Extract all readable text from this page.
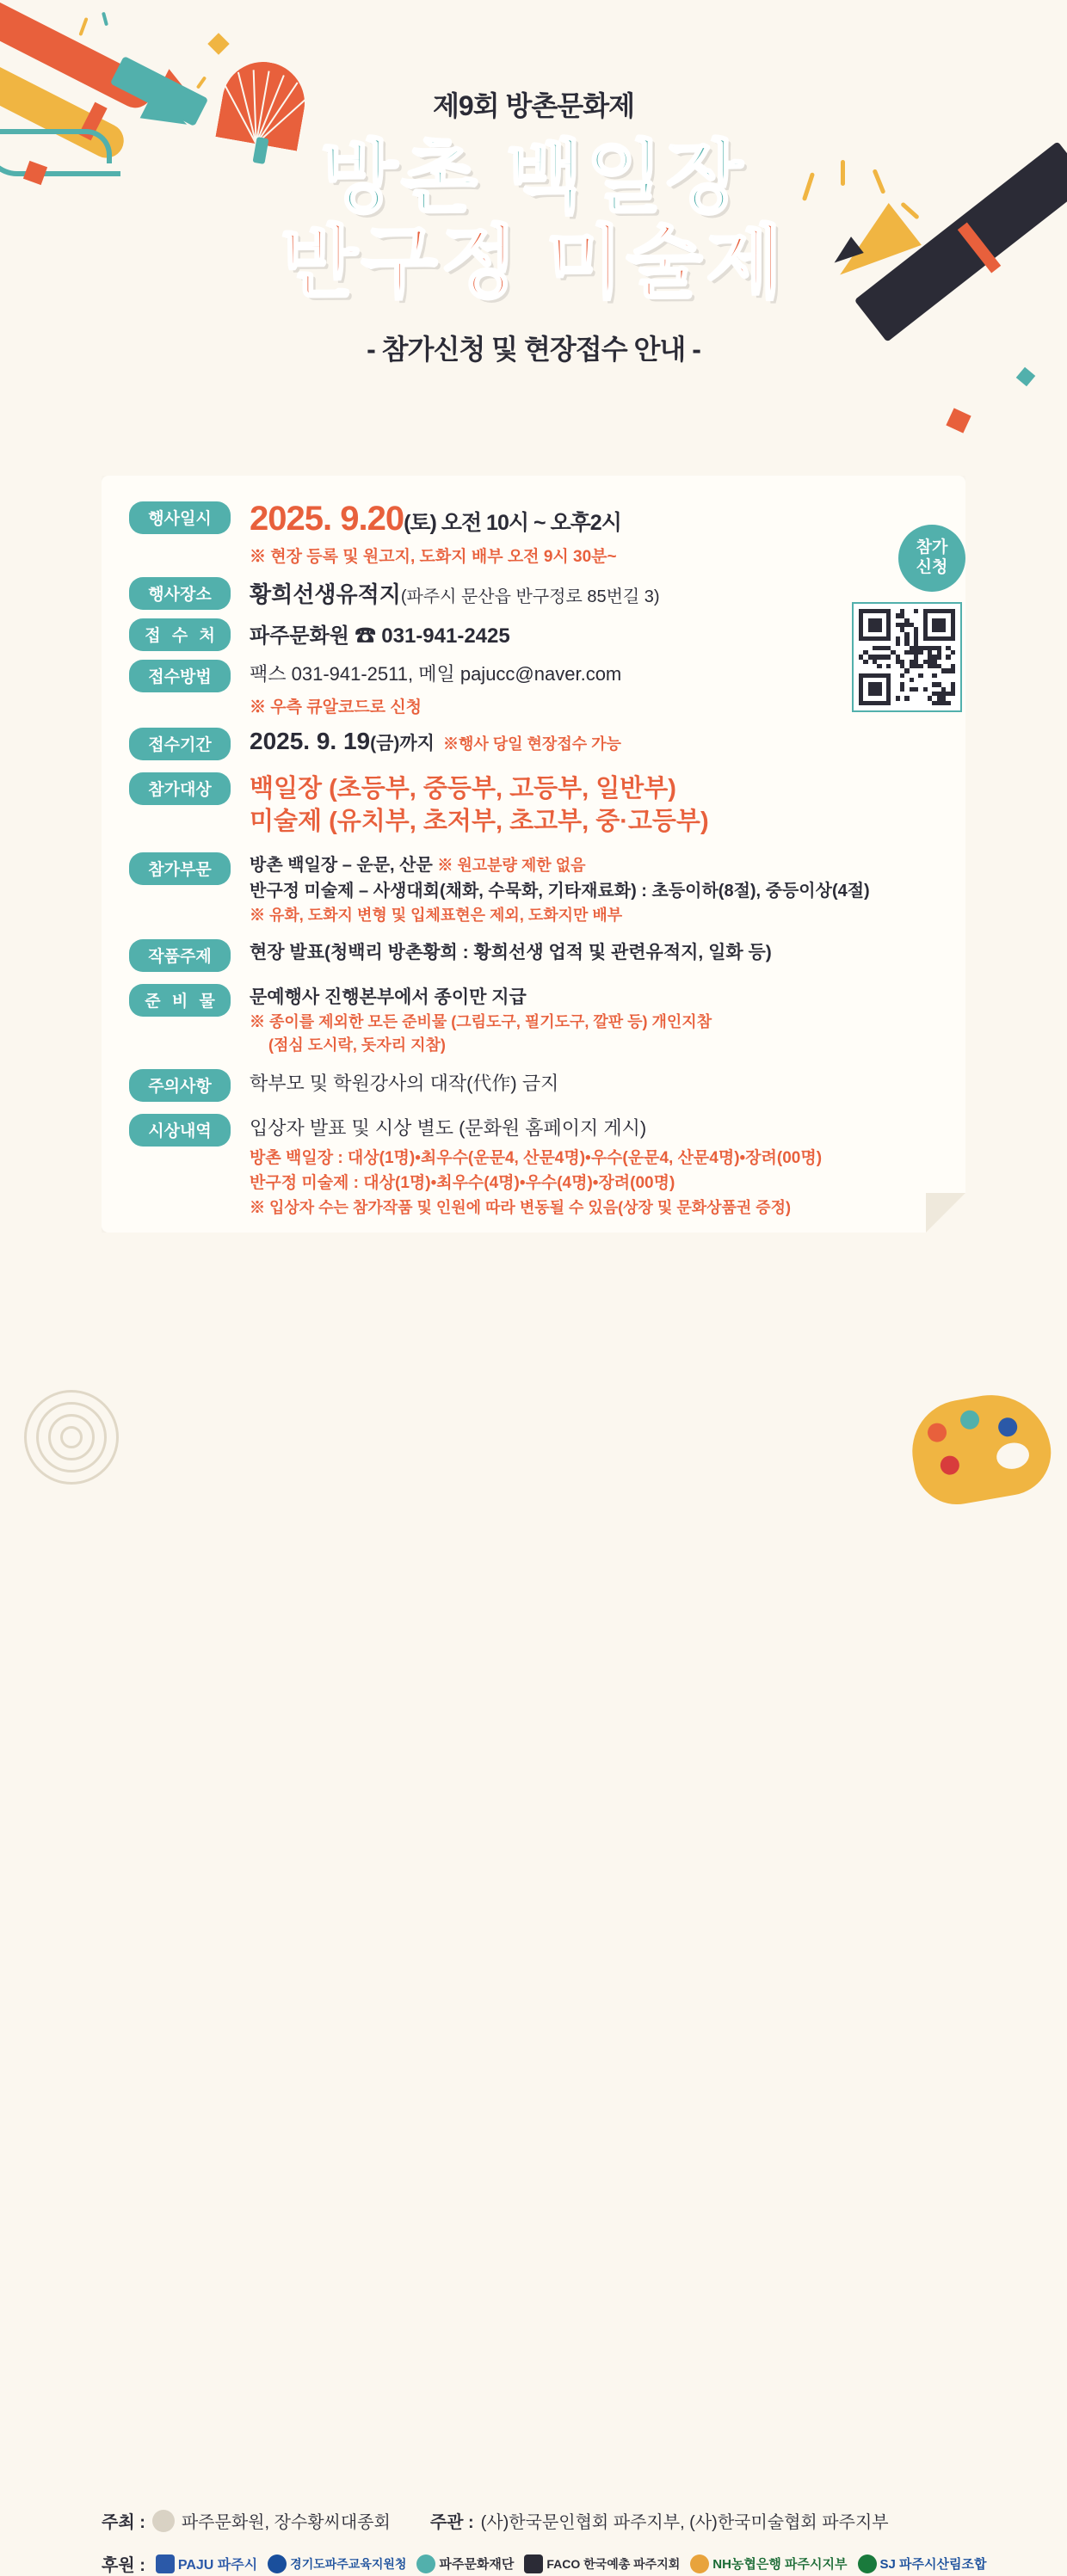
제9회 방촌문화제
방촌 백일장
반구정 미술제
- 참가신청 및 현장접수 안내 -
참가
신청
행사일시	2025. 9.20(토) 오전 10시 ~ 오후2시
※ 현장 등록 및 원고지, 도화지 배부 오전 9시 30분~
행사장소	황희선생유적지(파주시 문산읍 반구정로 85번길 3)
접 수 처	파주문화원 ☎ 031-941-2425
접수방법	팩스 031-941-2511, 메일 pajucc@naver.com
※ 우측 큐알코드로 신청
접수기간	2025. 9. 19(금)까지 ※행사 당일 현장접수 가능
참가대상	백일장 (초등부, 중등부, 고등부, 일반부)
미술제 (유치부, 초저부, 초고부, 중·고등부)
참가부문	방촌 백일장 – 운문, 산문 ※ 원고분량 제한 없음
반구정 미술제 – 사생대회(채화, 수묵화, 기타재료화) : 초등이하(8절), 중등이상(4절)
※ 유화, 도화지 변형 및 입체표현은 제외, 도화지만 배부
작품주제	현장 발표(청백리 방촌황희 : 황희선생 업적 및 관련유적지, 일화 등)
준 비 물	문예행사 진행본부에서 종이만 지급
※ 종이를 제외한 모든 준비물 (그림도구, 필기도구, 깔판 등) 개인지참
(점심 도시락, 돗자리 지참)
주의사항	학부모 및 학원강사의 대작(代作) 금지
시상내역	입상자 발표 및 시상 별도 (문화원 홈페이지 게시)
방촌 백일장 : 대상(1명)•최우수(운문4, 산문4명)•우수(운문4, 산문4명)•장려(00명)
반구정 미술제 : 대상(1명)•최우수(4명)•우수(4명)•장려(00명)
※ 입상자 수는 참가작품 및 인원에 따라 변동될 수 있음(상장 및 문화상품권 증정)
주최 : 파주문화원, 장수황씨대종회 주관 : (사)한국문인협회 파주지부, (사)한국미술협회 파주지부
후원 : PAJU 파주시	경기도파주교육지원청	파주문화재단	FACO 한국예총 파주지회	NH농협은행 파주시지부	SJ 파주시산림조합
